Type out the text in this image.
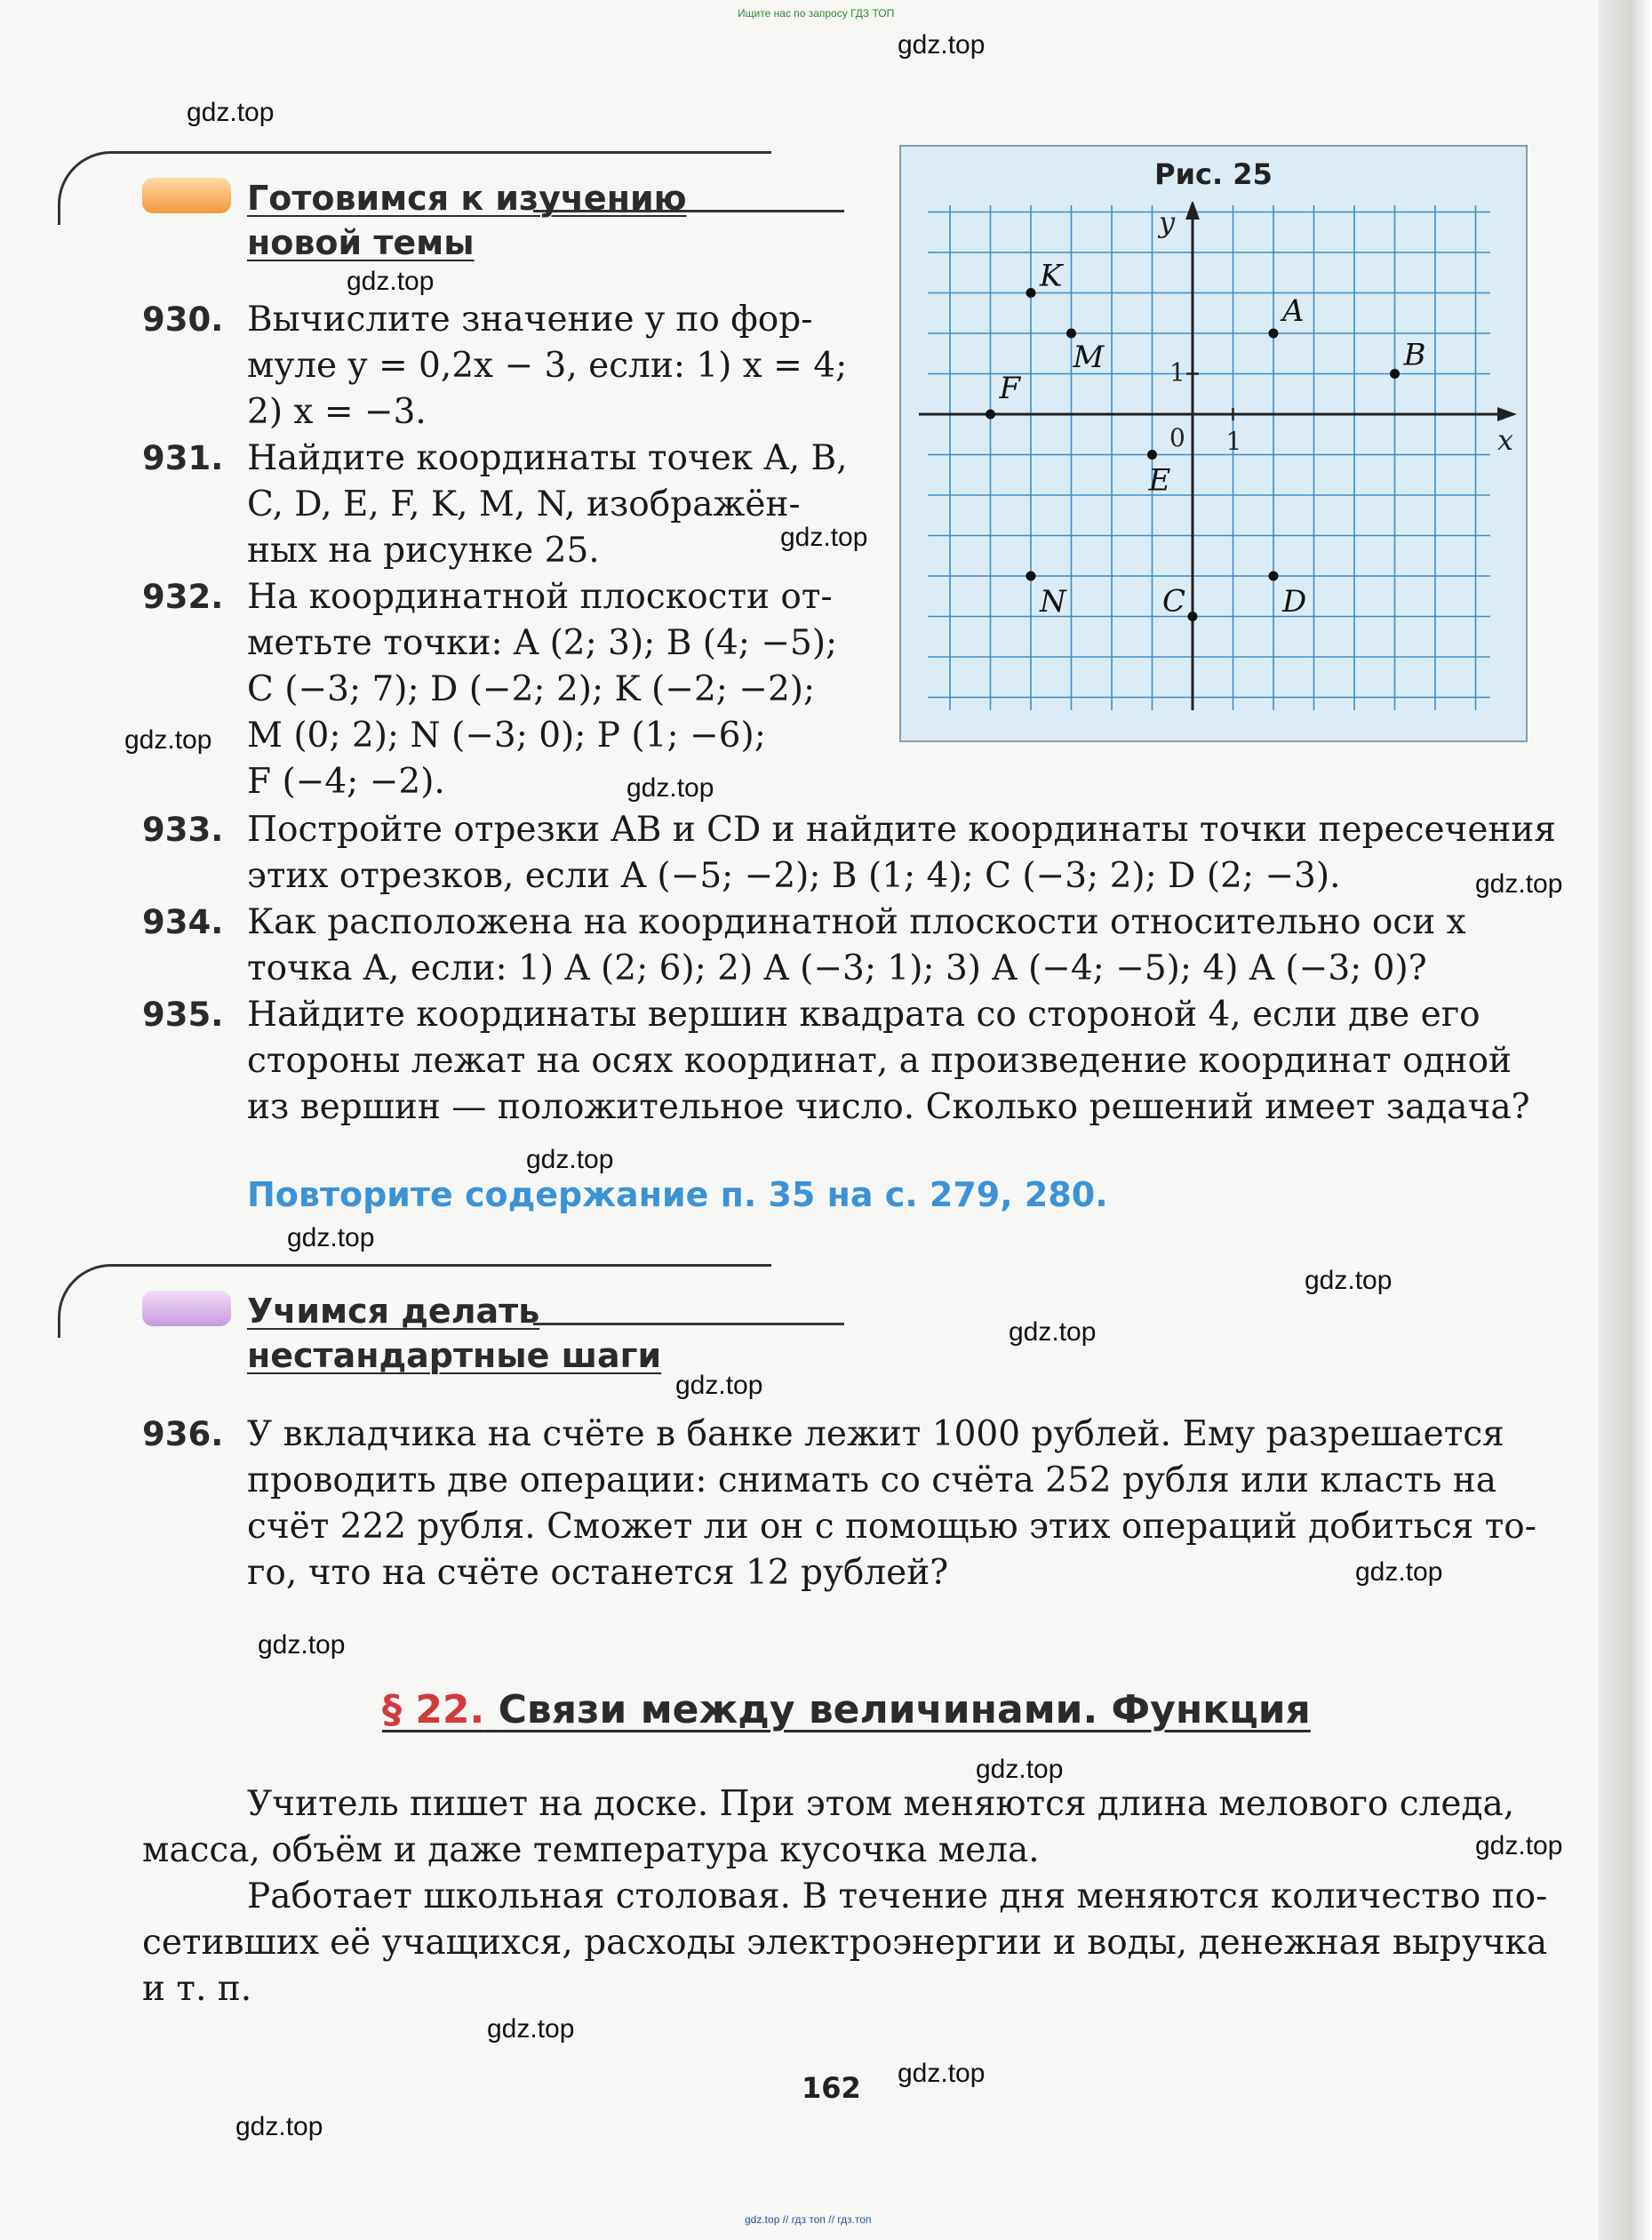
Ищите нас по запросу ГДЗ ТОП
gdz.top
gdz.top
gdz.top
gdz.top
gdz.top
gdz.top
gdz.top
gdz.top
gdz.top
gdz.top
gdz.top
gdz.top
gdz.top
gdz.top
gdz.top
gdz.top
gdz.top
gdz.top
gdz.top
gdz.top // гдз топ // гдз.топ
Готовимся к изучению
новой темы
930. Вычислите значение y по фор-
муле y = 0,2x − 3, если: 1) x = 4;
2) x = −3.
931. Найдите координаты точек A, B,
C, D, E, F, K, M, N, изображён-
ных на рисунке 25.
932. На координатной плоскости от-
метьте точки: A (2; 3); B (4; −5);
C (−3; 7); D (−2; 2); K (−2; −2);
M (0; 2); N (−3; 0); P (1; −6);
F (−4; −2).
933. Постройте отрезки AB и CD и найдите координаты точки пересечения
этих отрезков, если A (−5; −2); B (1; 4); C (−3; 2); D (2; −3).
934. Как расположена на координатной плоскости относительно оси x
точка A, если: 1) A (2; 6); 2) A (−3; 1); 3) A (−4; −5); 4) A (−3; 0)?
935. Найдите координаты вершин квадрата со стороной 4, если две его
стороны лежат на осях координат, а произведение координат одной
из вершин — положительное число. Сколько решений имеет задача?
Повторите содержание п. 35 на с. 279, 280.
Учимся делать
нестандартные шаги
936. У вкладчика на счёте в банке лежит 1000 рублей. Ему разрешается
проводить две операции: снимать со счёта 252 рубля или класть на
счёт 222 рубля. Сможет ли он с помощью этих операций добиться то-
го, что на счёте останется 12 рублей?
§ 22. Связи между величинами. Функция
Учитель пишет на доске. При этом меняются длина мелового следа,
масса, объём и даже температура кусочка мела.
Работает школьная столовая. В течение дня меняются количество по-
сетивших её учащихся, расходы электроэнергии и воды, денежная выручка
и т. п.
162
Рис. 25
x
y
0 1
1
A
B
C	D
E
F
K
M
N
